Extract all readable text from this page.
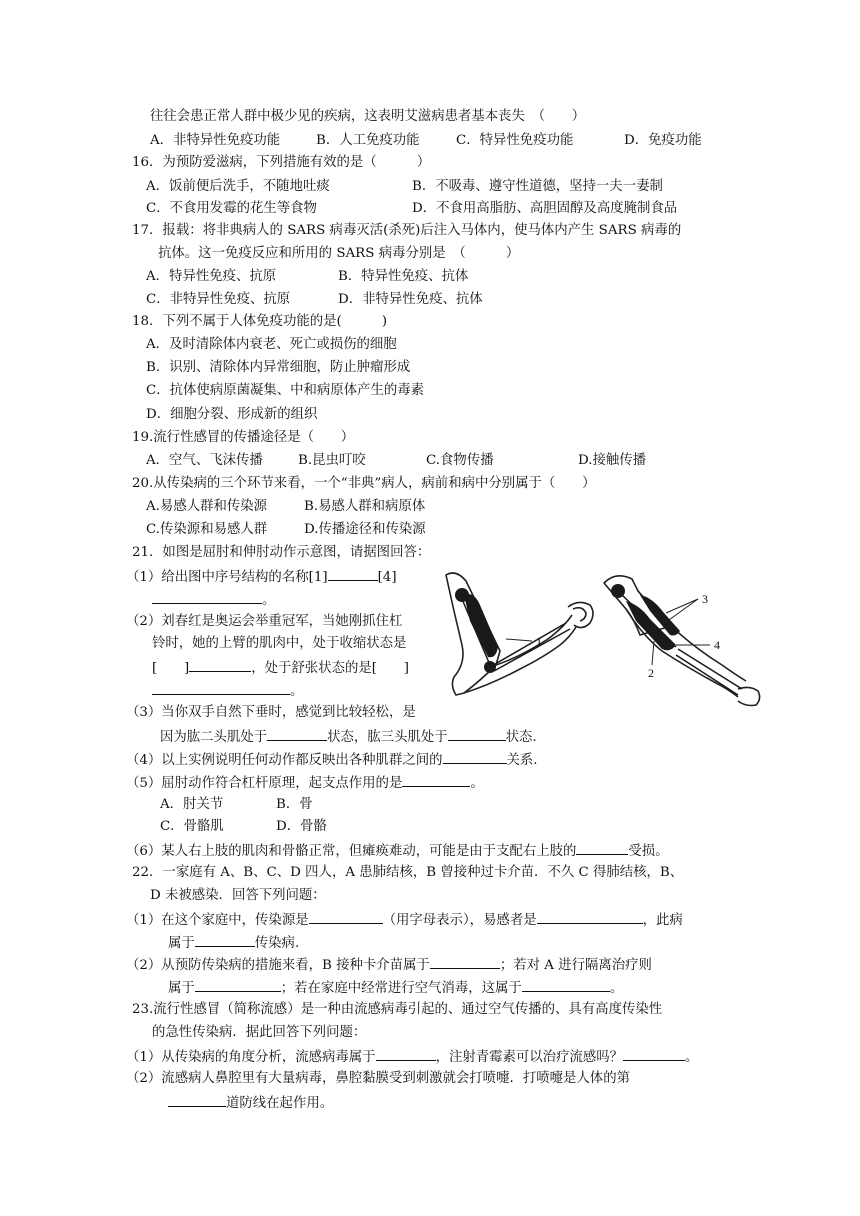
往往会患正常人群中极少见的疾病，这表明艾滋病患者基本丧失　（　　）
A．非特异性免疫功能	B．人工免疫功能	C．特异性免疫功能	D．免疫功能
16．为预防爱滋病，下列措施有效的是（　　　）
A．饭前便后洗手，不随地吐痰	B．不吸毒、遵守性道德，坚持一夫一妻制
C．不食用发霉的花生等食物	D．不食用高脂肪、高胆固醇及高度腌制食品
17．报载：将非典病人的 SARS 病毒灭活(杀死)后注入马体内，使马体内产生 SARS 病毒的
抗体。这一免疫反应和所用的 SARS 病毒分别是　（　　　）
A．特异性免疫、抗原	B．特异性免疫、抗体
C．非特异性免疫、抗原	D．非特异性免疫、抗体
18．下列不属于人体免疫功能的是(　　　)
A．及时清除体内衰老、死亡或损伤的细胞
B．识别、清除体内异常细胞，防止肿瘤形成
C．抗体使病原菌凝集、中和病原体产生的毒素
D．细胞分裂、形成新的组织
19.流行性感冒的传播途径是（　　）
A．空气、飞沫传播	B.昆虫叮咬	C.食物传播	D.接触传播
20.从传染病的三个环节来看，一个“非典”病人，病前和病中分别属于（　　）
A.易感人群和传染源	B.易感人群和病原体
C.传染源和易感人群	D.传播途径和传染源
21．如图是屈肘和伸肘动作示意图，请据图回答：
（1）给出图中序号结构的名称[1]	[4]
。
（2）刘春红是奥运会举重冠军，当她刚抓住杠
铃时，她的上臂的肌肉中，处于收缩状态是
[　　]	，处于舒张状态的是[　　]
。
（3）当你双手自然下垂时，感觉到比较轻松，是
因为肱二头肌处于	状态，肱三头肌处于	状态.
（4）以上实例说明任何动作都反映出各种肌群之间的	关系.
（5）屈肘动作符合杠杆原理，起支点作用的是	。
A．肘关节	B．骨
C．骨骼肌	D．骨骼
（6）某人右上肢的肌肉和骨骼正常，但瘫痪难动，可能是由于支配右上肢的	受损。
1
3
4
2
22．一家庭有 A、B、C、D 四人，A 患肺结核，B 曾接种过卡介苗．不久 C 得肺结核，B、
D 未被感染．回答下列问题：
（1）在这个家庭中，传染源是	（用字母表示），易感者是	，此病
属于	传染病.
（2）从预防传染病的措施来看，B 接种卡介苗属于	；若对 A 进行隔离治疗则
属于	；若在家庭中经常进行空气消毒，这属于	。
23.流行性感冒（简称流感）是一种由流感病毒引起的、通过空气传播的、具有高度传染性
的急性传染病．据此回答下列问题：
（1）从传染病的角度分析，流感病毒属于	，注射青霉素可以治疗流感吗？	。
（2）流感病人鼻腔里有大量病毒，鼻腔黏膜受到刺激就会打喷嚏．打喷嚏是人体的第
道防线在起作用。
